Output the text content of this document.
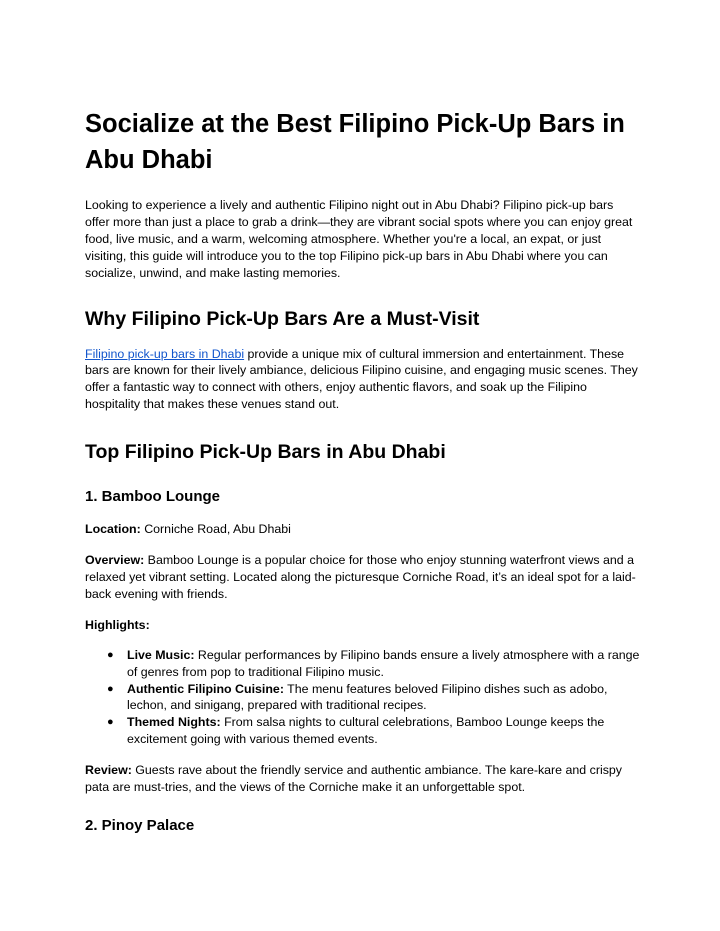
Socialize at the Best Filipino Pick-Up Bars in Abu Dhabi

Looking to experience a lively and authentic Filipino night out in Abu Dhabi? Filipino pick-up bars offer more than just a place to grab a drink—they are vibrant social spots where you can enjoy great food, live music, and a warm, welcoming atmosphere. Whether you're a local, an expat, or just visiting, this guide will introduce you to the top Filipino pick-up bars in Abu Dhabi where you can socialize, unwind, and make lasting memories.

Why Filipino Pick-Up Bars Are a Must-Visit

Filipino pick-up bars in Dhabi provide a unique mix of cultural immersion and entertainment. These bars are known for their lively ambiance, delicious Filipino cuisine, and engaging music scenes. They offer a fantastic way to connect with others, enjoy authentic flavors, and soak up the Filipino hospitality that makes these venues stand out.

Top Filipino Pick-Up Bars in Abu Dhabi
1. Bamboo Lounge

Location: Corniche Road, Abu Dhabi

Overview: Bamboo Lounge is a popular choice for those who enjoy stunning waterfront views and a relaxed yet vibrant setting. Located along the picturesque Corniche Road, it’s an ideal spot for a laid-back evening with friends.

Highlights:

● Live Music: Regular performances by Filipino bands ensure a lively atmosphere with a range of genres from pop to traditional Filipino music.
● Authentic Filipino Cuisine: The menu features beloved Filipino dishes such as adobo, lechon, and sinigang, prepared with traditional recipes.
● Themed Nights: From salsa nights to cultural celebrations, Bamboo Lounge keeps the excitement going with various themed events.

Review: Guests rave about the friendly service and authentic ambiance. The kare-kare and crispy pata are must-tries, and the views of the Corniche make it an unforgettable spot.

2. Pinoy Palace
